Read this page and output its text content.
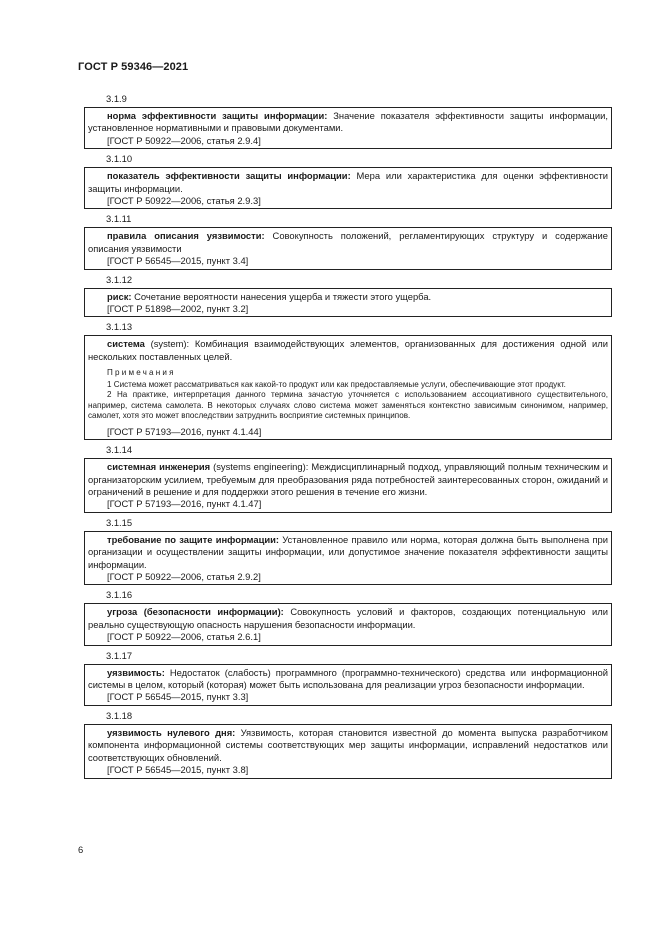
ГОСТ Р 59346—2021

3.1.9

норма эффективности защиты информации: Значение показателя эффективности защиты информации, установленное нормативными и правовыми документами.

[ГОСТ Р 50922—2006, статья 2.9.4]

3.1.10

показатель эффективности защиты информации: Мера или характеристика для оценки эффективности защиты информации.

[ГОСТ Р 50922—2006, статья 2.9.3]

3.1.11

правила описания уязвимости: Совокупность положений, регламентирующих структуру и содержание описания уязвимости

[ГОСТ Р 56545—2015, пункт 3.4]

3.1.12

риск: Сочетание вероятности нанесения ущерба и тяжести этого ущерба.

[ГОСТ Р 51898—2002, пункт 3.2]

3.1.13

система (system): Комбинация взаимодействующих элементов, организованных для достижения одной или нескольких поставленных целей.

Примечания

1 Система может рассматриваться как какой-то продукт или как предоставляемые услуги, обеспечивающие этот продукт.

2 На практике, интерпретация данного термина зачастую уточняется с использованием ассоциативного существительного, например, система самолета. В некоторых случаях слово система может заменяться контекстно зависимым синонимом, например, самолет, хотя это может впоследствии затруднить восприятие системных принципов.

[ГОСТ Р 57193—2016, пункт 4.1.44]

3.1.14

системная инженерия (systems engineering): Междисциплинарный подход, управляющий полным техническим и организаторским усилием, требуемым для преобразования ряда потребностей заинтересованных сторон, ожиданий и ограничений в решение и для поддержки этого решения в течение его жизни.

[ГОСТ Р 57193—2016, пункт 4.1.47]

3.1.15

требование по защите информации: Установленное правило или норма, которая должна быть выполнена при организации и осуществлении защиты информации, или допустимое значение показателя эффективности защиты информации.

[ГОСТ Р 50922—2006, статья 2.9.2]

3.1.16

угроза (безопасности информации): Совокупность условий и факторов, создающих потенциальную или реально существующую опасность нарушения безопасности информации.

[ГОСТ Р 50922—2006, статья 2.6.1]

3.1.17

уязвимость: Недостаток (слабость) программного (программно-технического) средства или информационной системы в целом, который (которая) может быть использована для реализации угроз безопасности информации.

[ГОСТ Р 56545—2015, пункт 3.3]

3.1.18

уязвимость нулевого дня: Уязвимость, которая становится известной до момента выпуска разработчиком компонента информационной системы соответствующих мер защиты информации, исправлений недостатков или соответствующих обновлений.

[ГОСТ Р 56545—2015, пункт 3.8]

6
